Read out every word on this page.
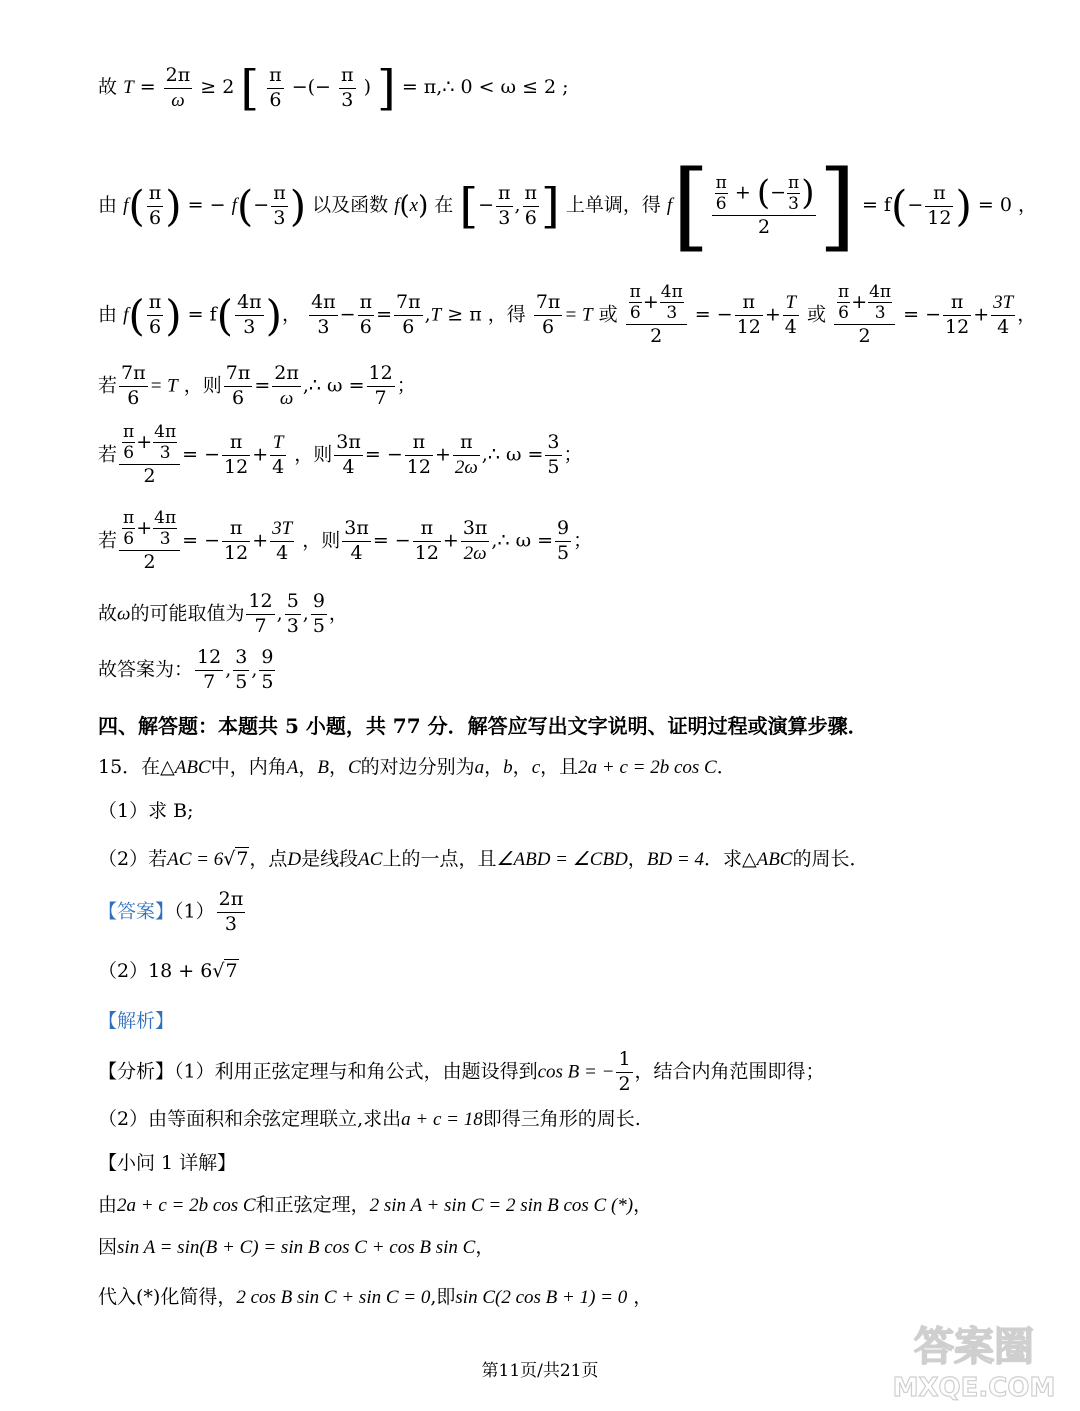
故 $T = \frac{2\pi}{\omega} \ge 2$ [ $\frac{\pi}{6}$ −(− $\frac{\pi}{3}$ ) ] = π,∴ 0 < ω ≤ 2 ;
由 $f( \frac{\pi}{6}$ ) = − $f(- \frac{\pi}{3}$ ) 以及函数 f(x) 在 [− $\frac{\pi}{3}$ , $\frac{\pi}{6}$ ] 上单调，得 $f[ \frac{\frac{\pi}{6} + (- \frac{\pi}{3} )}{2}$ ] = $f(- \frac{\pi}{12}$ ) = 0 ，
由 $f( \frac{\pi}{6}$ ) = $f( \frac{4\pi}{3}$ )， $\frac{4\pi}{3} - \frac{\pi}{6} = \frac{7\pi}{6} ,T \ge \pi$ ，得 $\frac{7\pi}{6} = T$ 或 $\frac{\frac{\pi}{6} + \frac{4\pi}{3}}{2}$ = − $\frac{\pi}{12} + \frac{T}{4}$ 或 $\frac{\frac{\pi}{6} + \frac{4\pi}{3}}{2}$ = − $\frac{\pi}{12} + \frac{3T}{4}$ ，
若 $\frac{7\pi}{6} = T$ ，则 $\frac{7\pi}{6} = \frac{2\pi}{\omega}$ ,∴ $\omega = \frac{12}{7}$ ；
若 $\frac{\frac{\pi}{6} + \frac{4\pi}{3}}{2}$ = − $\frac{\pi}{12} + \frac{T}{4}$ ，则 $\frac{3\pi}{4}$ = − $\frac{\pi}{12} + \frac{\pi}{2\omega}$ ,∴ $\omega = \frac{3}{5}$ ；
若 $\frac{\frac{\pi}{6} + \frac{4\pi}{3}}{2}$ = − $\frac{\pi}{12} + \frac{3T}{4}$ ，则 $\frac{3\pi}{4}$ = − $\frac{\pi}{12} + \frac{3\pi}{2\omega}$ ,∴ $\omega = \frac{9}{5}$ ；
故ω的可能取值为 $\frac{12}{7}$ , $\frac{5}{3}$ , $\frac{9}{5}$ ，
故答案为： $\frac{12}{7}$ , $\frac{3}{5}$ , $\frac{9}{5}$
四、解答题：本题共 5 小题，共 77 分．解答应写出文字说明、证明过程或演算步骤．
15．在△ABC中，内角A，B，C的对边分别为a，b，c，且2a + c = 2b cos C．
（1）求 B;
（2）若AC = 6√7，点D是线段AC上的一点，且∠ABD = ∠CBD，BD = 4．求△ABC的周长．
【答案】$(1) \frac{2\pi}{3}$
（2）18 + 6√7
【解析】
【分析】（1）利用正弦定理与和角公式，由题设得到cos B = − $\frac{1}{2}$ ，结合内角范围即得；
（2）由等面积和余弦定理联立,求出a + c = 18即得三角形的周长.
【小问 1 详解】
由2a + c = 2b cos C和正弦定理，2 sin A + sin C = 2 sin B cos C (*)，
因sin A = sin(B + C) = sin B cos C + cos B sin C，
代入(*)化简得，2 cos B sin C + sin C = 0,即sin C(2 cos B + 1) = 0 ，
第11页/共21页
答案圈
MXQE.COM
